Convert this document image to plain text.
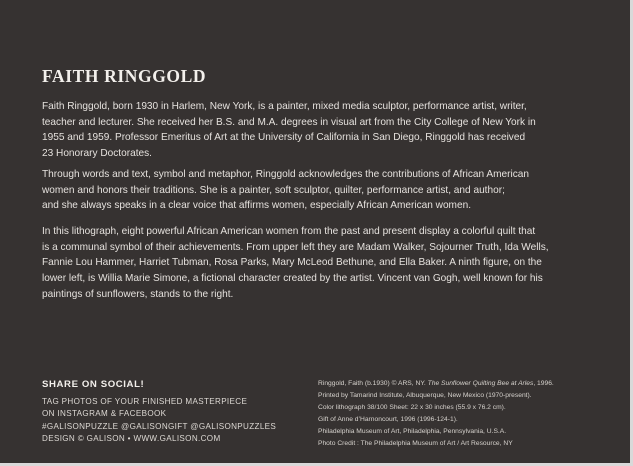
FAITH RINGGOLD

Faith Ringgold, born 1930 in Harlem, New York, is a painter, mixed media sculptor, performance artist, writer,
teacher and lecturer. She received her B.S. and M.A. degrees in visual art from the City College of New York in
1955 and 1959. Professor Emeritus of Art at the University of California in San Diego, Ringgold has received
23 Honorary Doctorates.

Through words and text, symbol and metaphor, Ringgold acknowledges the contributions of African American
women and honors their traditions. She is a painter, soft sculptor, quilter, performance artist, and author;
and she always speaks in a clear voice that affirms women, especially African American women.

In this lithograph, eight powerful African American women from the past and present display a colorful quilt that
is a communal symbol of their achievements. From upper left they are Madam Walker, Sojourner Truth, Ida Wells,
Fannie Lou Hammer, Harriet Tubman, Rosa Parks, Mary McLeod Bethune, and Ella Baker. A ninth figure, on the
lower left, is Willia Marie Simone, a fictional character created by the artist. Vincent van Gogh, well known for his
paintings of sunflowers, stands to the right.

SHARE ON SOCIAL!
TAG PHOTOS OF YOUR FINISHED MASTERPIECE
ON INSTAGRAM & FACEBOOK
#GALISONPUZZLE @GALISONGIFT @GALISONPUZZLES
DESIGN © GALISON • WWW.GALISON.COM
Ringgold, Faith (b.1930) © ARS, NY. The Sunflower Quilting Bee at Arles, 1996.
Printed by Tamarind Institute, Albuquerque, New Mexico (1970-present).
Color lithograph 38/100 Sheet: 22 x 30 inches (55.9 x 76.2 cm).
Gift of Anne d’Harnoncourt, 1996 (1996-124-1).
Philadelphia Museum of Art, Philadelphia, Pennsylvania, U.S.A.
Photo Credit : The Philadelphia Museum of Art / Art Resource, NY
